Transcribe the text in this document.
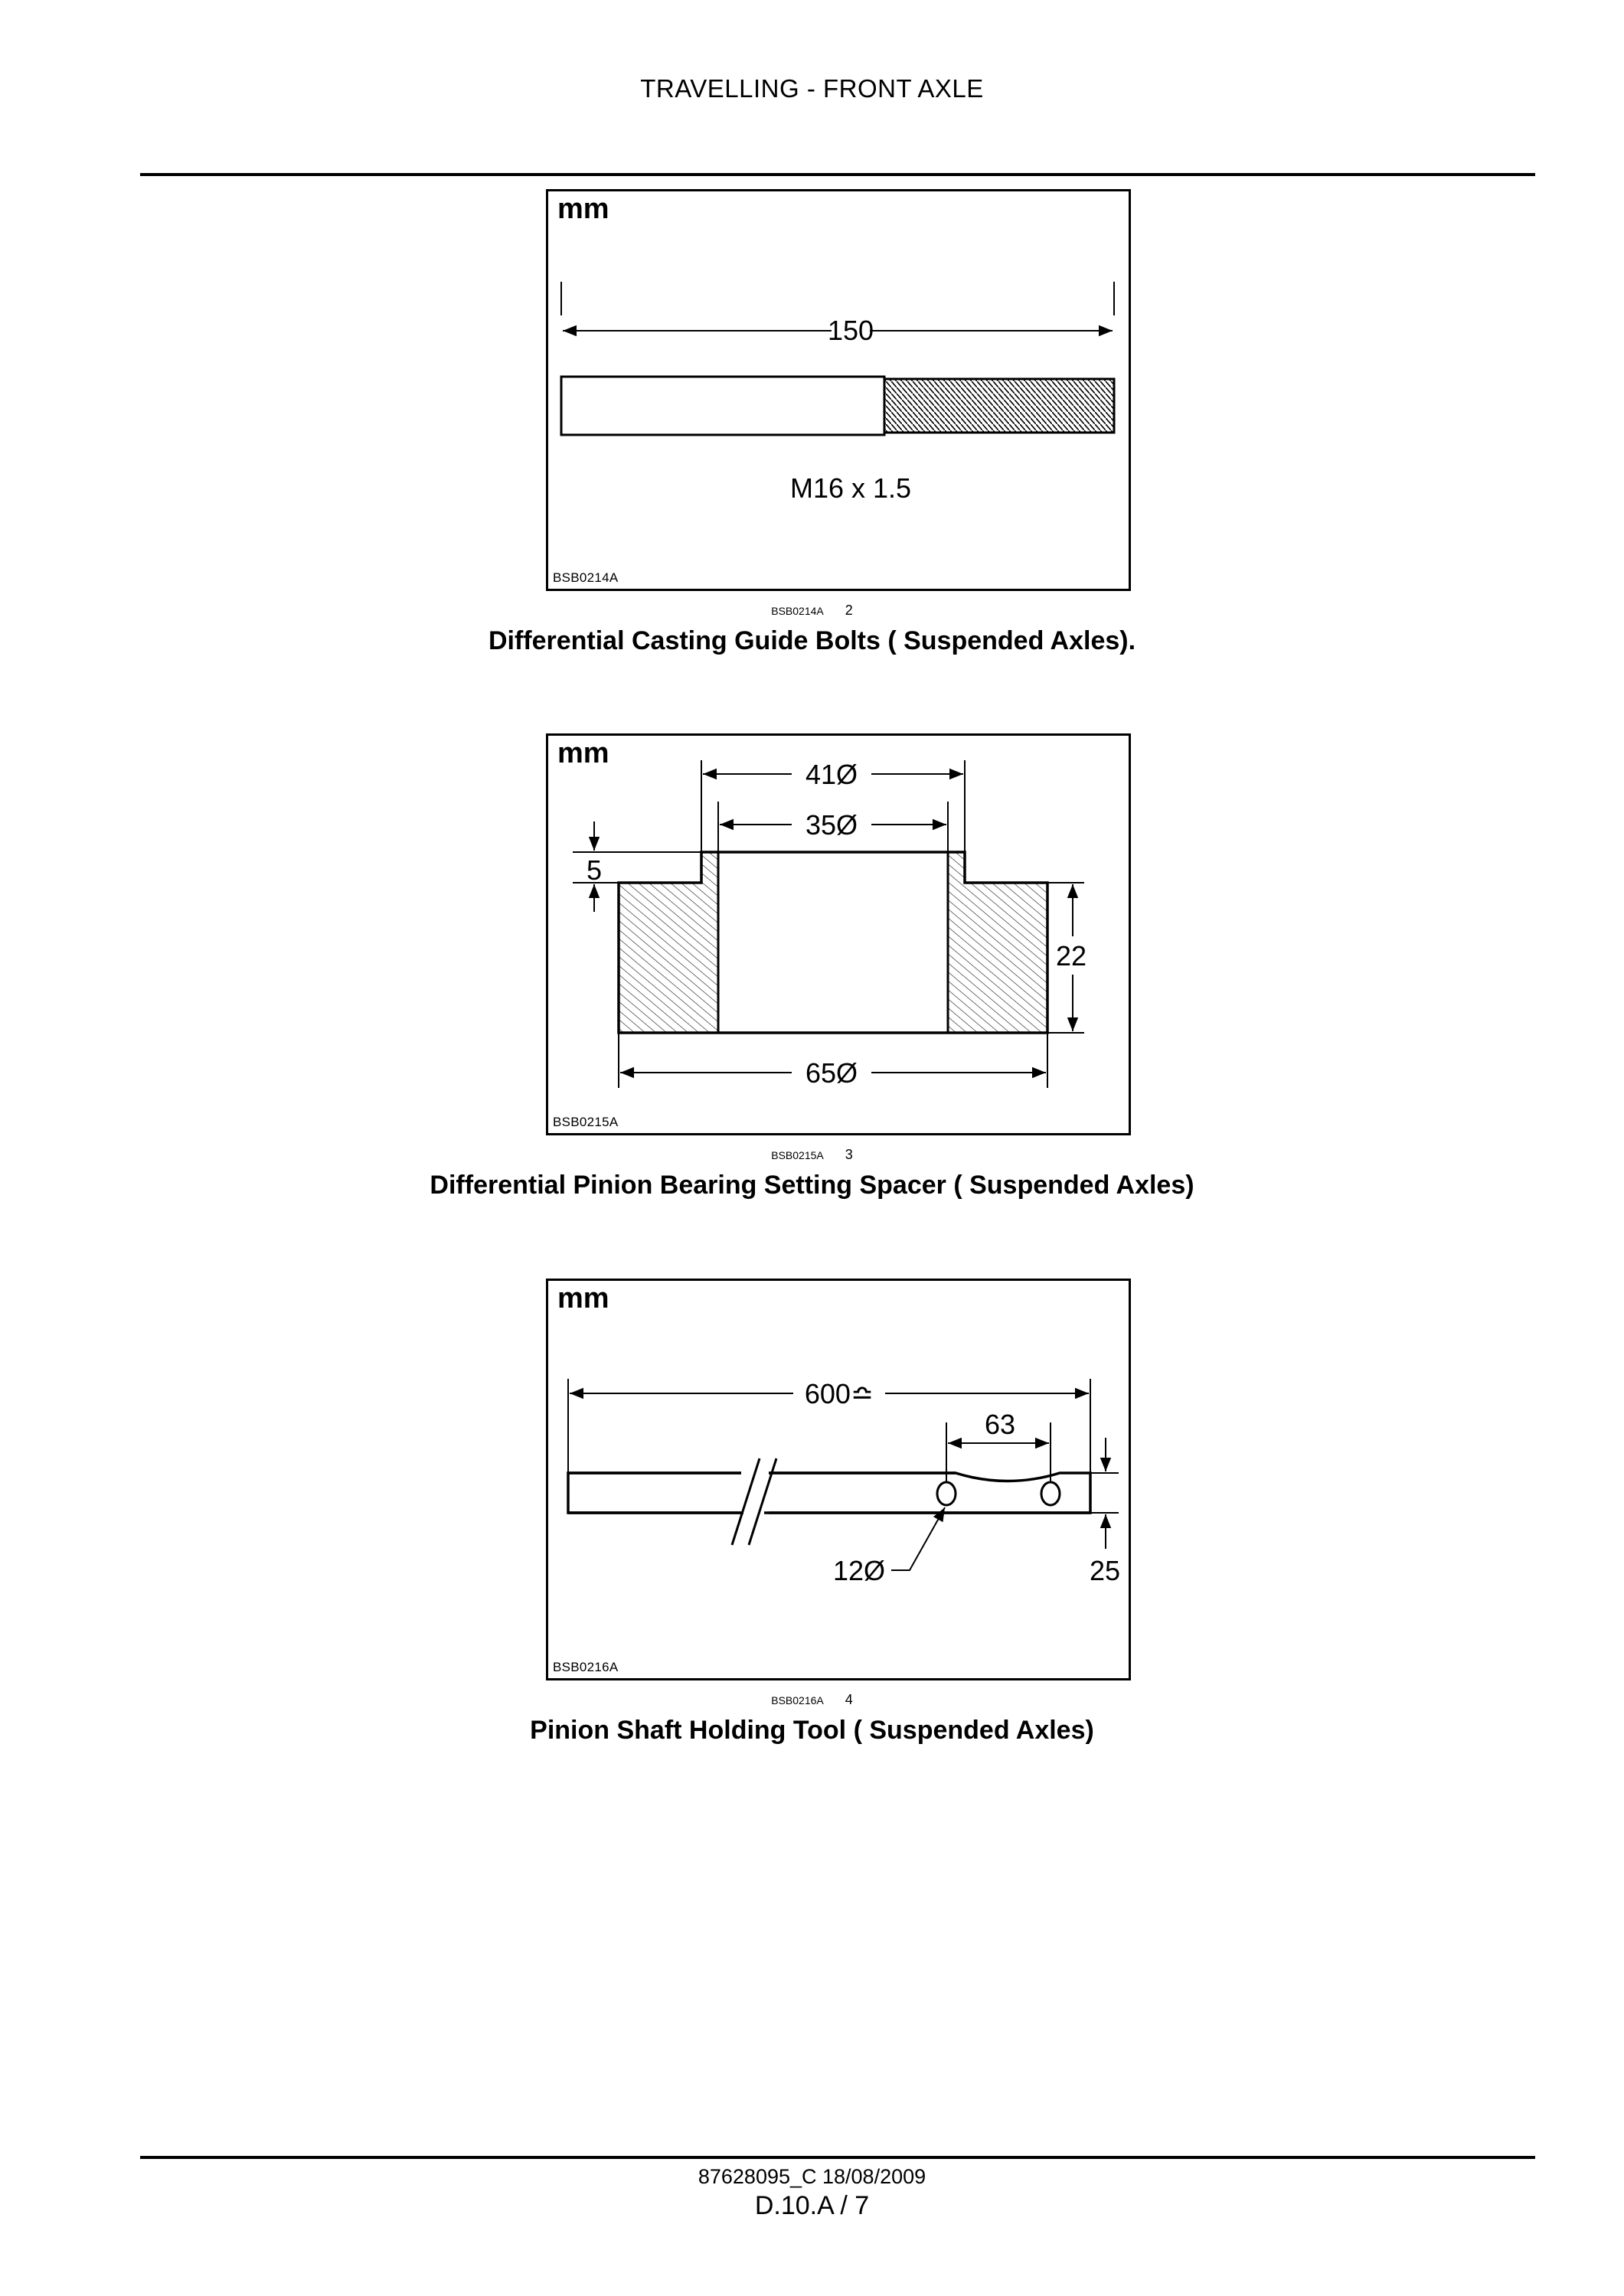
TRAVELLING - FRONT AXLE
mm
150
M16 x 1.5
BSB0214A
BSB0214A 2
Differential Casting Guide Bolts ( Suspended Axles).
mm
41Ø
35Ø
5
22
65Ø
BSB0215A
BSB0215A 3
Differential Pinion Bearing Setting Spacer ( Suspended Axles)
mm
600≏
63
12Ø	25
BSB0216A
BSB0216A 4
Pinion Shaft Holding Tool ( Suspended Axles)
87628095_C 18/08/2009
D.10.A / 7
